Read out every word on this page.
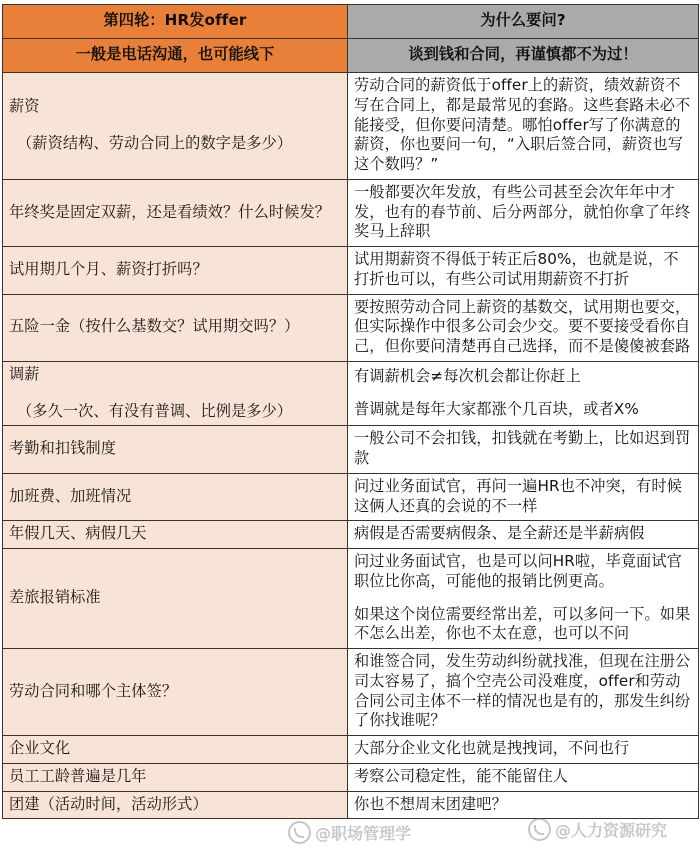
第四轮：HR发offer	为什么要问?
一般是电话沟通，也可能线下	谈到钱和合同，再谨慎都不为过！

薪资
（薪资结构、劳动合同上的数字是多少）	劳动合同的薪资低于offer上的薪资，绩效薪资不写在合同上，都是最常见的套路。这些套路未必不能接受，但你要问清楚。哪怕offer写了你满意的薪资，你也要问一句，“入职后签合同，薪资也写这个数吗？”

年终奖是固定双薪，还是看绩效？什么时候发？	一般都要次年发放，有些公司甚至会次年年中才发，也有的春节前、后分两部分，就怕你拿了年终奖马上辞职

试用期几个月、薪资打折吗？	试用期薪资不得低于转正后80%，也就是说，不打折也可以，有些公司试用期薪资不打折

五险一金（按什么基数交？试用期交吗？）	要按照劳动合同上薪资的基数交，试用期也要交，但实际操作中很多公司会少交。要不要接受看你自己，但你要问清楚再自己选择，而不是傻傻被套路

调薪
（多久一次、有没有普调、比例是多少）	有调薪机会≠每次机会都让你赶上
普调就是每年大家都涨个几百块，或者X%

考勤和扣钱制度	一般公司不会扣钱，扣钱就在考勤上，比如迟到罚款

加班费、加班情况	问过业务面试官，再问一遍HR也不冲突，有时候这俩人还真的会说的不一样

年假几天、病假几天	病假是否需要病假条、是全薪还是半薪病假

差旅报销标准	问过业务面试官，也是可以问HR啦，毕竟面试官职位比你高，可能他的报销比例更高。
如果这个岗位需要经常出差，可以多问一下。如果不怎么出差，你也不太在意，也可以不问

劳动合同和哪个主体签？	和谁签合同，发生劳动纠纷就找准，但现在注册公司太容易了，搞个空壳公司没难度，offer和劳动合同公司主体不一样的情况也是有的，那发生纠纷了你找谁呢？

企业文化	大部分企业文化也就是拽拽词，不问也行

员工工龄普遍是几年	考察公司稳定性，能不能留住人

团建（活动时间，活动形式）	你也不想周末团建吧？
@职场管理学	@人力资源研究
